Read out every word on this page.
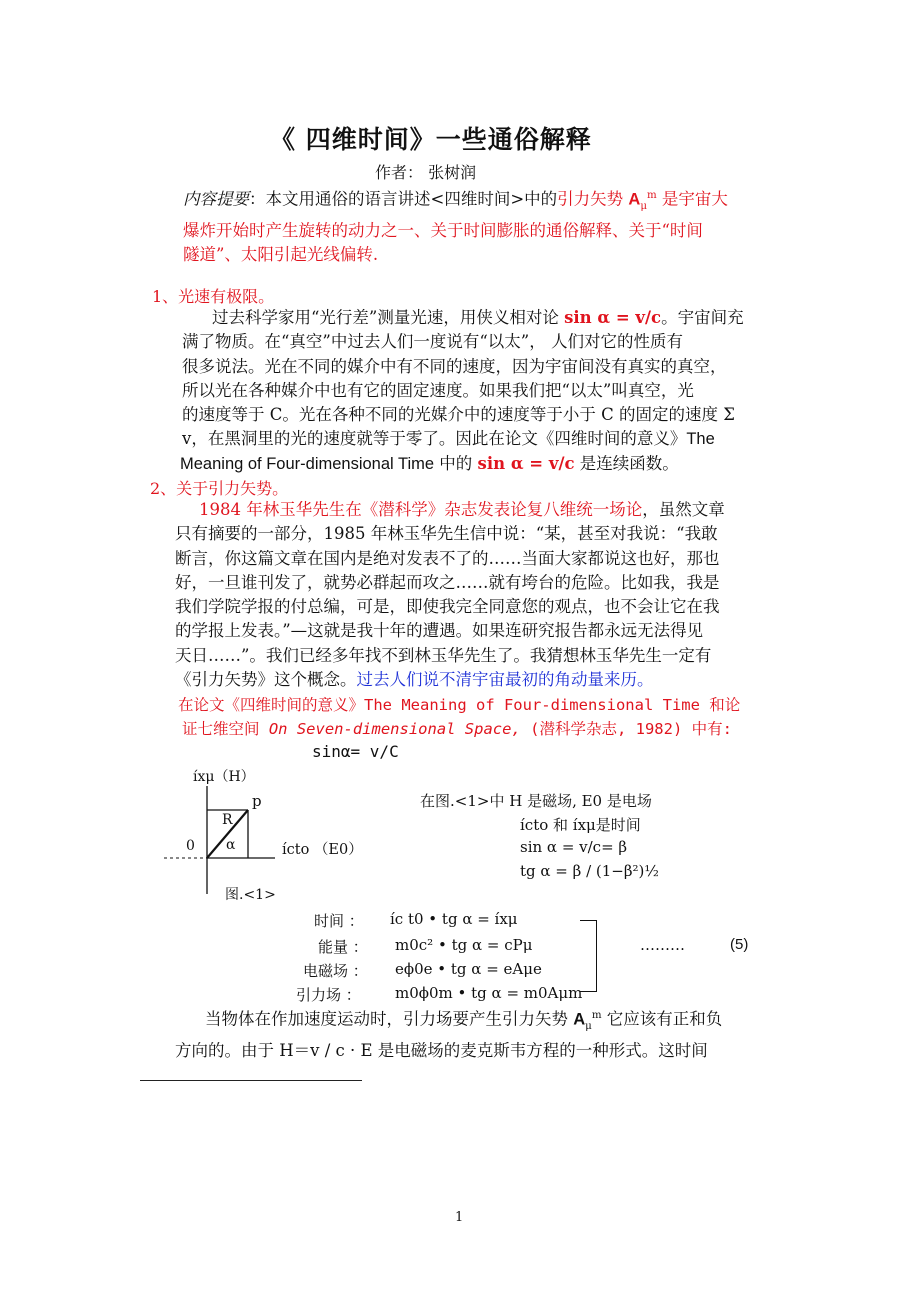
《 四维时间》一些通俗解释
作者： 张树润
内容提要：本文用通俗的语言讲述<四维时间>中的引力矢势 $A_\mu^m$ 是宇宙大
爆炸开始时产生旋转的动力之一、关于时间膨胀的通俗解释、关于“时间
隧道”、太阳引起光线偏转.
1、光速有极限。
过去科学家用“光行差”测量光速，用侠义相对论 sin α = v/c。宇宙间充
满了物质。在“真空”中过去人们一度说有“以太”， 人们对它的性质有
很多说法。光在不同的媒介中有不同的速度，因为宇宙间没有真实的真空，
所以光在各种媒介中也有它的固定速度。如果我们把“以太”叫真空，光
的速度等于 C。光在各种不同的光媒介中的速度等于小于 C 的固定的速度 Σ
v，在黑洞里的光的速度就等于零了。因此在论文《四维时间的意义》The
Meaning of Four-dimensional Time 中的 sin α = v/c 是连续函数。
2、关于引力矢势。
1984 年林玉华先生在《潜科学》杂志发表论复八维统一场论，虽然文章
只有摘要的一部分，1985 年林玉华先生信中说：“某，甚至对我说：“我敢
断言，你这篇文章在国内是绝对发表不了的……当面大家都说这也好，那也
好，一旦谁刊发了，就势必群起而攻之……就有垮台的危险。比如我，我是
我们学院学报的付总编，可是，即使我完全同意您的观点，也不会让它在我
的学报上发表。”—这就是我十年的遭遇。如果连研究报告都永远无法得见
天日……”。我们已经多年找不到林玉华先生了。我猜想林玉华先生一定有
《引力矢势》这个概念。过去人们说不清宇宙最初的角动量来历。
在论文《四维时间的意义》The Meaning of Four-dimensional Time 和论
证七维空间 On Seven-dimensional Space, (潜科学杂志, 1982) 中有:
sinα= v/C
íxμ（H）
p
R
α
0	ícto （E0）
图.<1>
在图.<1>中 H 是磁场, E0 是电场
ícto 和 íxμ是时间
sin α = v/c= β
tg α = β / (1−β²)½
时间 ： íc t0 • tg α = íxμ
能量 ： m0c² • tg α = cPμ
电磁场 ： eϕ0e • tg α = eAμe
引力场 ： m0ϕ0m • tg α = m0Aμm
………	(5)
当物体在作加速度运动时，引力场要产生引力矢势 $A_\mu^m$ 它应该有正和负
方向的。由于 H＝v / c · E 是电磁场的麦克斯韦方程的一种形式。这时间
1
